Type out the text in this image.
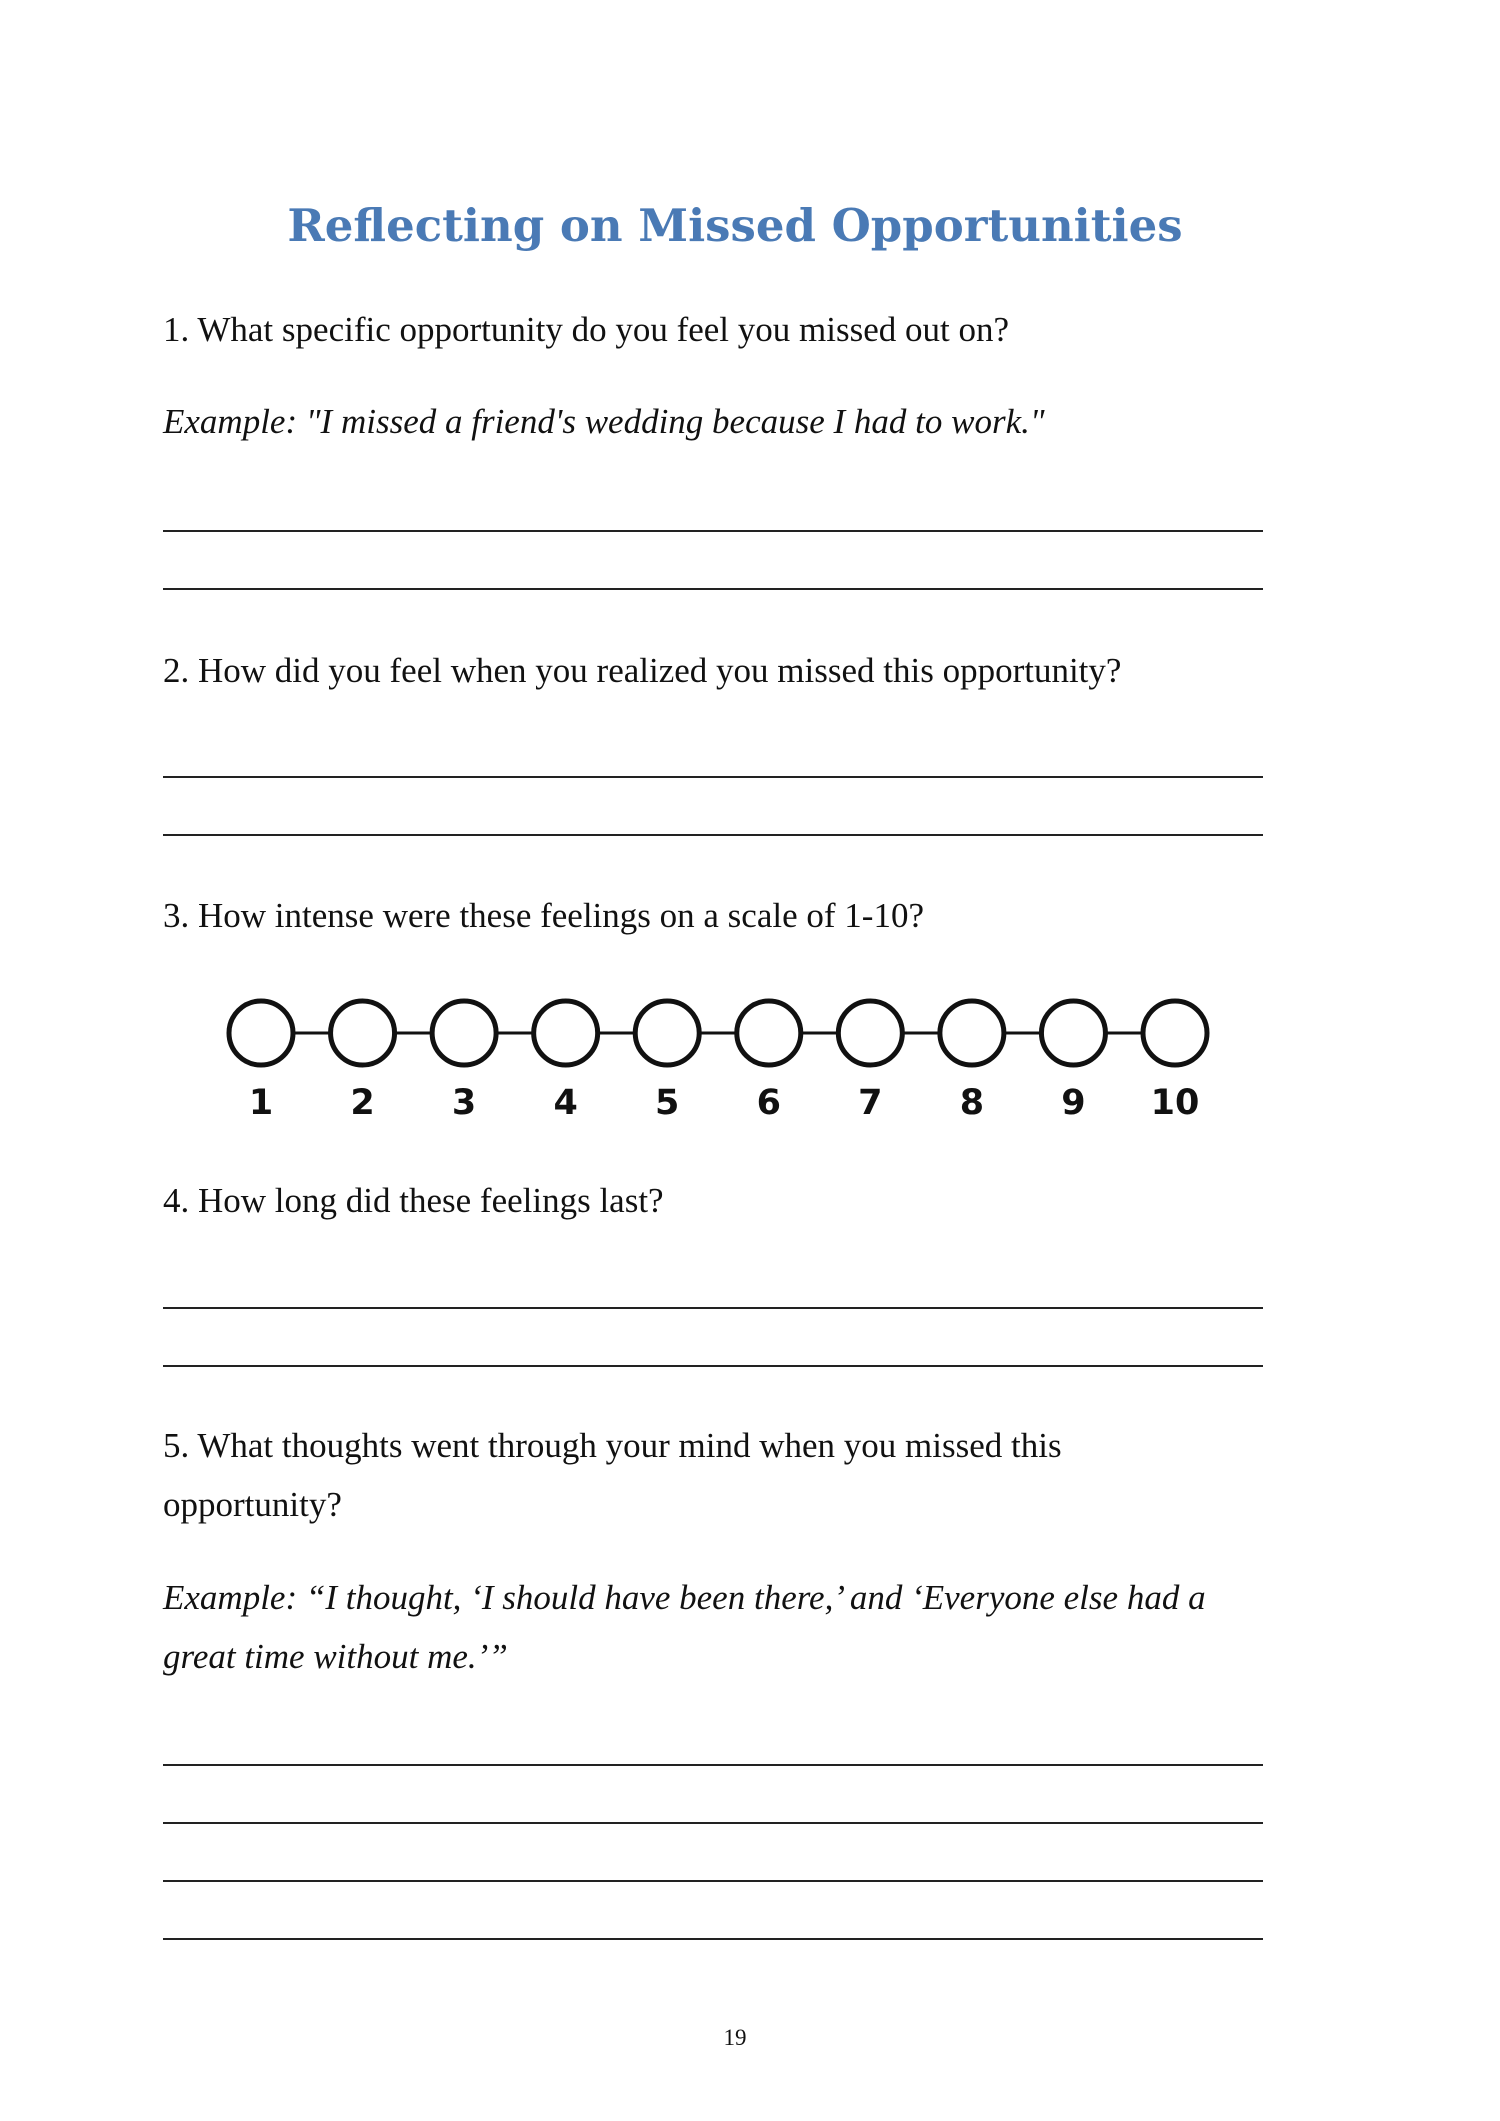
Reflecting on Missed Opportunities
1. What specific opportunity do you feel you missed out on?
Example: "I missed a friend's wedding because I had to work."
2. How did you feel when you realized you missed this opportunity?
3. How intense were these feelings on a scale of 1-10?
1 2 3 4 5 6 7 8 9 10
4. How long did these feelings last?
5. What thoughts went through your mind when you missed this
opportunity?
Example: “I thought, ‘I should have been there,’ and ‘Everyone else had a
great time without me.’”
19
